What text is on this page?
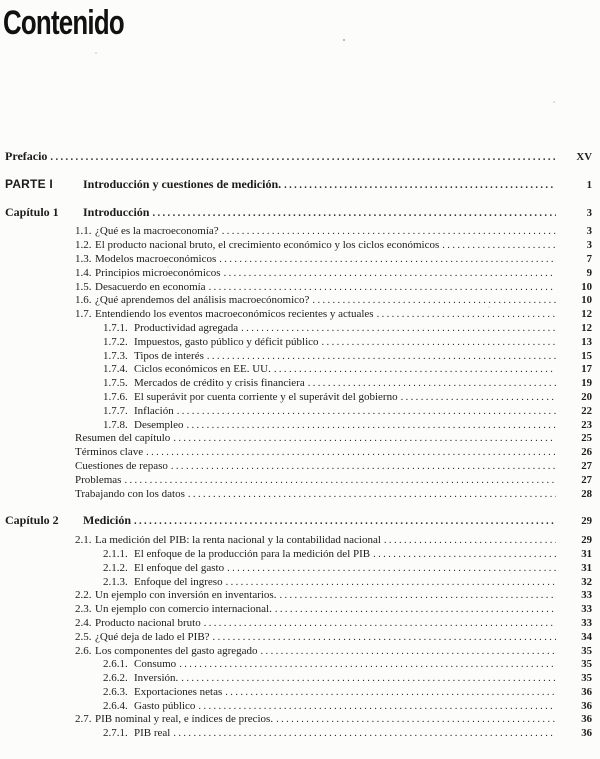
Contenido
Prefacio .....	XV
PARTE I	Introducción y cuestiones de medición. .....	1
Capítulo 1	Introducción .....	3
1.1. ¿Qué es la macroeconomía? .....	3
1.2. El producto nacional bruto, el crecimiento económico y los ciclos económicos .....	3
1.3. Modelos macroeconómicos .....	7
1.4. Principios microeconómicos .....	9
1.5. Desacuerdo en economía .....	10
1.6. ¿Qué aprendemos del análisis macroecónomico? .....	10
1.7. Entendiendo los eventos macroeconómicos recientes y actuales .....	12
1.7.1. Productividad agregada .....	12
1.7.2. Impuestos, gasto público y déficit público .....	13
1.7.3. Tipos de interés .....	15
1.7.4. Ciclos económicos en EE. UU. .....	17
1.7.5. Mercados de crédito y crisis financiera .....	19
1.7.6. El superávit por cuenta corriente y el superávit del gobierno .....	20
1.7.7. Inflación .....	22
1.7.8. Desempleo .....	23
Resumen del capítulo .....	25
Términos clave .....	26
Cuestiones de repaso .....	27
Problemas .....	27
Trabajando con los datos .....	28
Capítulo 2	Medición .....	29
2.1. La medición del PIB: la renta nacional y la contabilidad nacional .....	29
2.1.1. El enfoque de la producción para la medición del PIB .....	31
2.1.2. El enfoque del gasto .....	31
2.1.3. Enfoque del ingreso .....	32
2.2. Un ejemplo con inversión en inventarios. .....	33
2.3. Un ejemplo con comercio internacional. .....	33
2.4. Producto nacional bruto .....	33
2.5. ¿Qué deja de lado el PIB? .....	34
2.6. Los componentes del gasto agregado .....	35
2.6.1. Consumo .....	35
2.6.2. Inversión. .....	35
2.6.3. Exportaciones netas .....	36
2.6.4. Gasto público .....	36
2.7. PIB nominal y real, e índices de precios. .....	36
2.7.1. PIB real .....	36
